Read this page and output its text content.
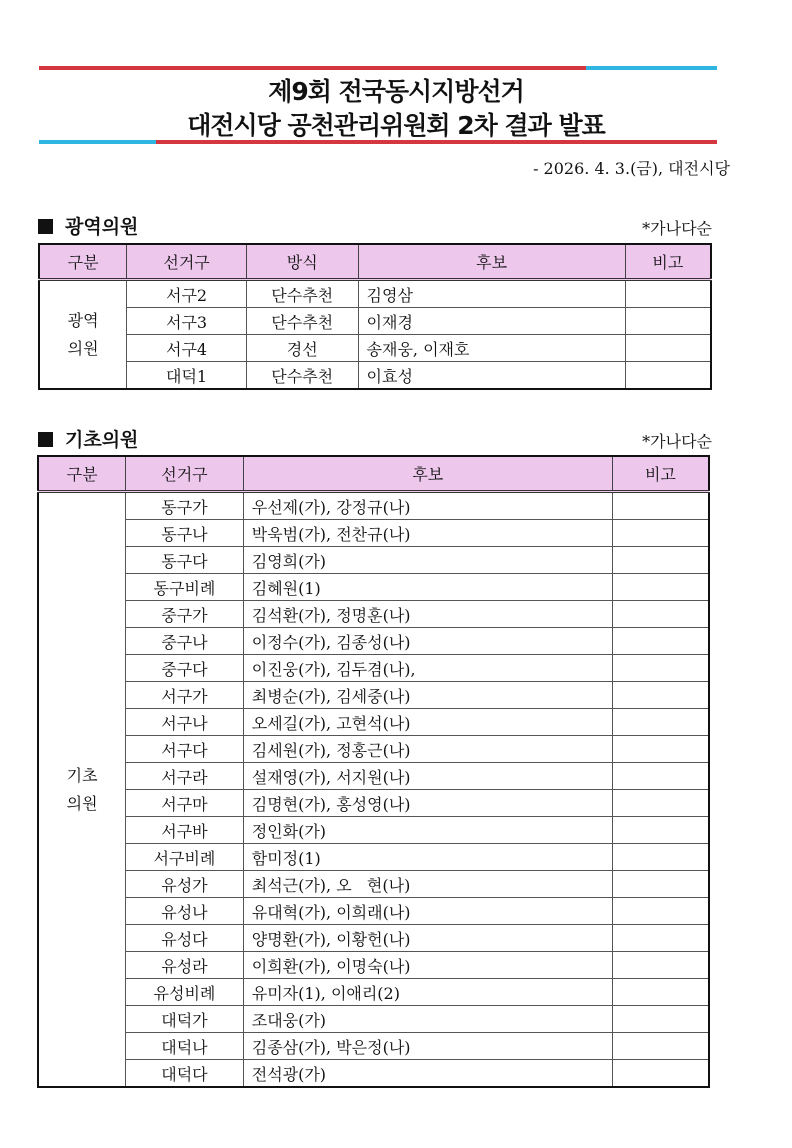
제9회 전국동시지방선거
대전시당 공천관리위원회 2차 결과 발표
- 2026. 4. 3.(금), 대전시당
광역의원	*가나다순
구분	선거구	방식	후보	비고

광역
의원	서구2	단수추천	김영삼	
	서구3	단수추천	이재경	
	서구4	경선	송재웅, 이재호	
	대덕1	단수추천	이효성	
기초의원	*가나다순
구분	선거구	후보	비고

기초
의원	동구가	우선제(가), 강정규(나)	
	동구나	박욱범(가), 전찬규(나)	
	동구다	김영희(가)	
	동구비례	김혜원(1)	
	중구가	김석환(가), 정명훈(나)	
	중구나	이정수(가), 김종성(나)	
	중구다	이진웅(가), 김두겸(나),	
	서구가	최병순(가), 김세중(나)	
	서구나	오세길(가), 고현석(나)	
	서구다	김세원(가), 정홍근(나)	
	서구라	설재영(가), 서지원(나)	
	서구마	김명현(가), 홍성영(나)	
	서구바	정인화(가)	
	서구비례	함미정(1)	
	유성가	최석근(가), 오   현(나)	
	유성나	유대혁(가), 이희래(나)	
	유성다	양명환(가), 이황헌(나)	
	유성라	이희환(가), 이명숙(나)	
	유성비례	유미자(1), 이애리(2)	
	대덕가	조대웅(가)	
	대덕나	김종삼(가), 박은정(나)	
	대덕다	전석광(가)	
